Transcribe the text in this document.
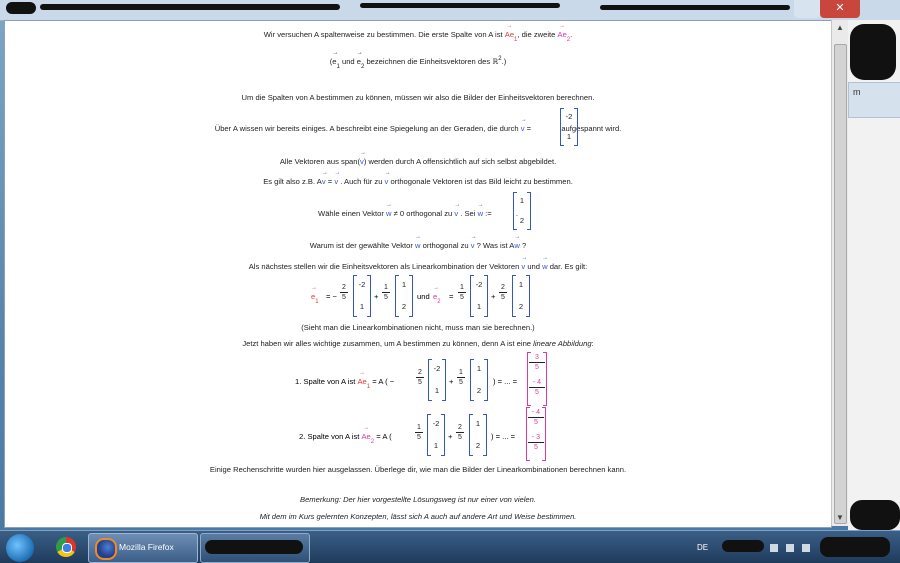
✕
m
Wir versuchen A spaltenweise zu bestimmen. Die erste Spalte von A ist → $Ae_1$, die zweite → $Ae_2$.
(→ $e_1$ und → $e_2$ bezeichnen die Einheitsvektoren des ℝ$^2$.)
Um die Spalten von A bestimmen zu können, müssen wir also die Bilder der Einheitsvektoren berechnen.
Über A wissen wir bereits einiges. A beschreibt eine Spiegelung an der Geraden, die durch → v =	aufgespannt wird.
-2
1
Alle Vektoren aus span(→ v) werden durch A offensichtlich auf sich selbst abgebildet.
Es gilt also z.B. A→ v = → v . Auch für zu → v orthogonale Vektoren ist das Bild leicht zu bestimmen.
Wähle einen Vektor → w ≠ 0 orthogonal zu → v . Sei → w :=	.
1
2
Warum ist der gewählte Vektor → w orthogonal zu → v ? Was ist A→ w ?
Als nächstes stellen wir die Einheitsvektoren als Linearkombination der Vektoren → v und → w dar. Es gilt:
→ $e_1$
= −
2
5
-2
1
+
1
5
1
2
und
→ $e_2$
=
1
5
-2
1
+
2
5
1
2
(Sieht man die Linearkombinationen nicht, muss man sie berechnen.)
Jetzt haben wir alles wichtige zusammen, um A bestimmen zu können, denn A ist eine lineare Abbildung:
1. Spalte von A ist → $Ae_1 = A$ ( −
2
5
-2
1
+
1
5
1
2
) = ... =
3
5
- 4
5
2. Spalte von A ist → $Ae_2 = A$ (
1
5
-2
1
+
2
5
1
2
) = ... =
- 4
5
- 3
5
Einige Rechenschritte wurden hier ausgelassen. Überlege dir, wie man die Bilder der Linearkombinationen berechnen kann.
Bemerkung: Der hier vorgestellte Lösungsweg ist nur einer von vielen.
Mit dem im Kurs gelernten Konzepten, lässt sich A auch auf andere Art und Weise bestimmen.
▲
▼
Mozilla Firefox	DE
